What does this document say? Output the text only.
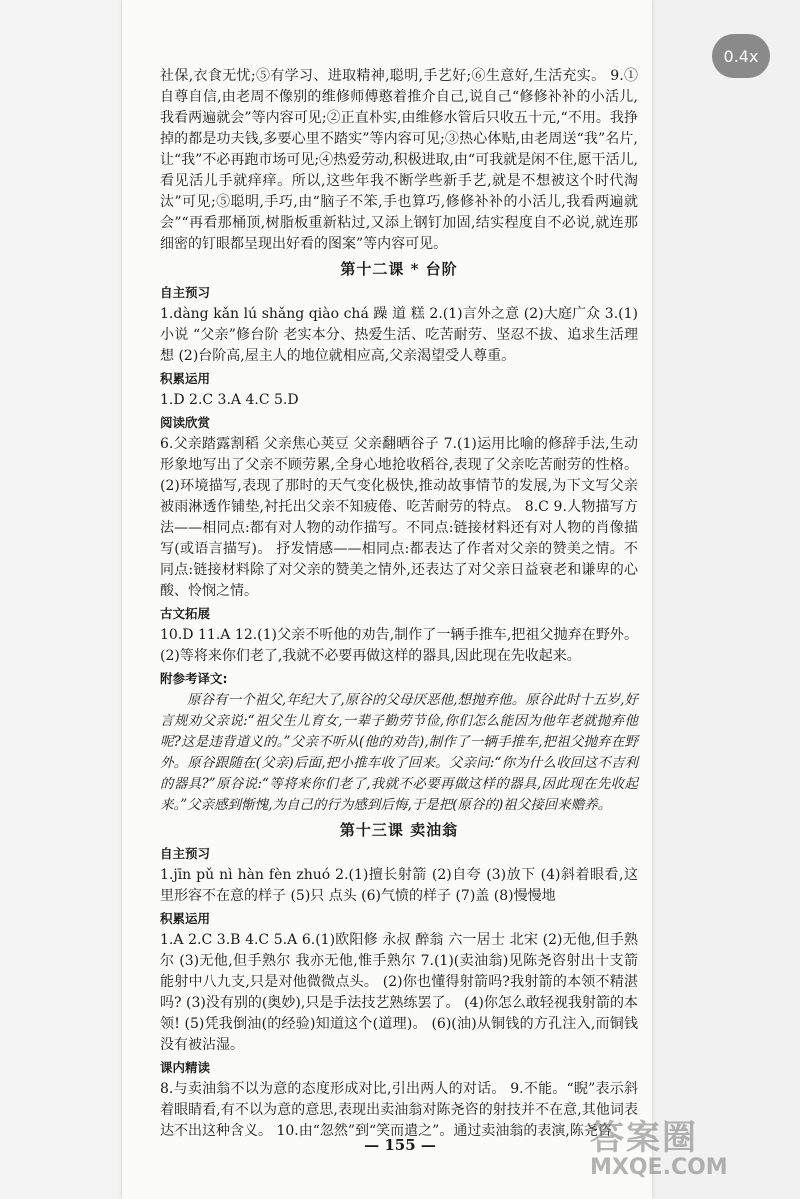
社保,衣食无忧;⑤有学习、进取精神,聪明,手艺好;⑥生意好,生活充实。 9.①自尊自信,由老周不像别的维修师傅憨着推介自己,说自己“修修补补的小活儿,我看两遍就会”等内容可见;②正直朴实,由维修水管后只收五十元,“不用。我挣掉的都是功夫钱,多要心里不踏实”等内容可见;③热心体贴,由老周送“我”名片,让“我”不必再跑市场可见;④热爱劳动,积极进取,由“可我就是闲不住,愿干活儿,看见活儿手就痒痒。所以,这些年我不断学些新手艺,就是不想被这个时代淘汰”可见;⑤聪明,手巧,由“脑子不笨,手也算巧,修修补补的小活儿,我看两遍就会”“再看那桶顶,树脂板重新粘过,又添上钢钉加固,结实程度自不必说,就连那细密的钉眼都呈现出好看的图案”等内容可见。

第十二课 * 台阶
自主预习

1.dàng kǎn lú shǎng qiào chá 躁 道 糕 2.(1)言外之意 (2)大庭广众 3.(1)小说 “父亲”修台阶 老实本分、热爱生活、吃苦耐劳、坚忍不拔、追求生活理想 (2)台阶高,屋主人的地位就相应高,父亲渴望受人尊重。

积累运用

1.D 2.C 3.A 4.C 5.D

阅读欣赏

6.父亲踏露割稻 父亲焦心荚豆 父亲翻晒谷子 7.(1)运用比喻的修辞手法,生动形象地写出了父亲不顾劳累,全身心地抢收稻谷,表现了父亲吃苦耐劳的性格。 (2)环境描写,表现了那时的天气变化极快,推动故事情节的发展,为下文写父亲被雨淋透作铺垫,衬托出父亲不知疲倦、吃苦耐劳的特点。 8.C 9.人物描写方法——相同点:都有对人物的动作描写。不同点:链接材料还有对人物的肖像描写(或语言描写)。 抒发情感——相同点:都表达了作者对父亲的赞美之情。不同点:链接材料除了对父亲的赞美之情外,还表达了对父亲日益衰老和谦卑的心酸、怜悯之情。

古文拓展

10.D 11.A 12.(1)父亲不听他的劝告,制作了一辆手推车,把祖父抛弃在野外。 (2)等将来你们老了,我就不必要再做这样的器具,因此现在先收起来。

附参考译文:

原谷有一个祖父,年纪大了,原谷的父母厌恶他,想抛弃他。原谷此时十五岁,好言规劝父亲说:“祖父生儿育女,一辈子勤劳节俭,你们怎么能因为他年老就抛弃他呢?这是违背道义的。”父亲不听从(他的劝告),制作了一辆手推车,把祖父抛弃在野外。原谷跟随在(父亲)后面,把小推车收了回来。父亲问:“你为什么收回这不吉利的器具?”原谷说:“等将来你们老了,我就不必要再做这样的器具,因此现在先收起来。”父亲感到惭愧,为自己的行为感到后悔,于是把(原谷的)祖父接回来赡养。

第十三课 卖油翁
自主预习

1.jīn pǔ nì hàn fèn zhuó 2.(1)擅长射箭 (2)自夸 (3)放下 (4)斜着眼看,这里形容不在意的样子 (5)只 点头 (6)气愤的样子 (7)盖 (8)慢慢地

积累运用

1.A 2.C 3.B 4.C 5.A 6.(1)欧阳修 永叔 醉翁 六一居士 北宋 (2)无他,但手熟尔 (3)无他,但手熟尔 我亦无他,惟手熟尔 7.(1)(卖油翁)见陈尧咨射出十支箭能射中八九支,只是对他微微点头。 (2)你也懂得射箭吗?我射箭的本领不精湛吗? (3)没有别的(奥妙),只是手法技艺熟练罢了。 (4)你怎么敢轻视我射箭的本领! (5)凭我倒油(的经验)知道这个(道理)。 (6)(油)从铜钱的方孔注入,而铜钱没有被沾湿。

课内精读

8.与卖油翁不以为意的态度形成对比,引出两人的对话。 9.不能。“睨”表示斜着眼睛看,有不以为意的意思,表现出卖油翁对陈尧咨的射技并不在意,其他词表达不出这种含义。 10.由“忽然”到“笑而遣之”。通过卖油翁的表演,陈尧咨

— 155 —
0.4x
答案圈
MXQE.COM
